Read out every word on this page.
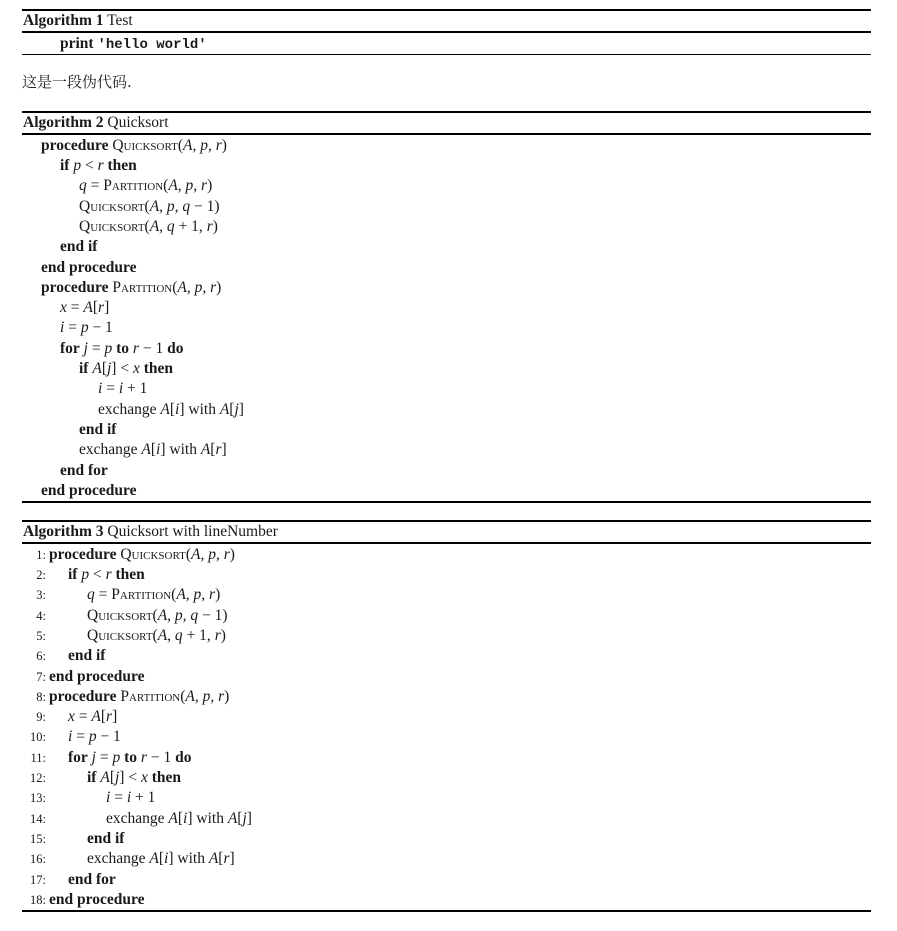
Algorithm 1 Test
print 'hello world'
这是一段伪代码.
Algorithm 2 Quicksort
procedure Quicksort(A, p, r)
if p < r then
q = Partition(A, p, r)
Quicksort(A, p, q − 1)
Quicksort(A, q + 1, r)
end if
end procedure
procedure Partition(A, p, r)
x = A[r]
i = p − 1
for j = p to r − 1 do
if A[j] < x then
i = i + 1
exchange A[i] with A[j]
end if
exchange A[i] with A[r]
end for
end procedure
Algorithm 3 Quicksort with lineNumber
1: procedure Quicksort(A, p, r)
2: if p < r then
3:	q = Partition(A, p, r)
4:	Quicksort(A, p, q − 1)
5:	Quicksort(A, q + 1, r)
6: end if
7: end procedure
8: procedure Partition(A, p, r)
9: x = A[r]
10: i = p − 1
11: for j = p to r − 1 do
12:	if A[j] < x then
13:	i = i + 1
14:	exchange A[i] with A[j]
15:	end if
16:	exchange A[i] with A[r]
17: end for
18: end procedure
